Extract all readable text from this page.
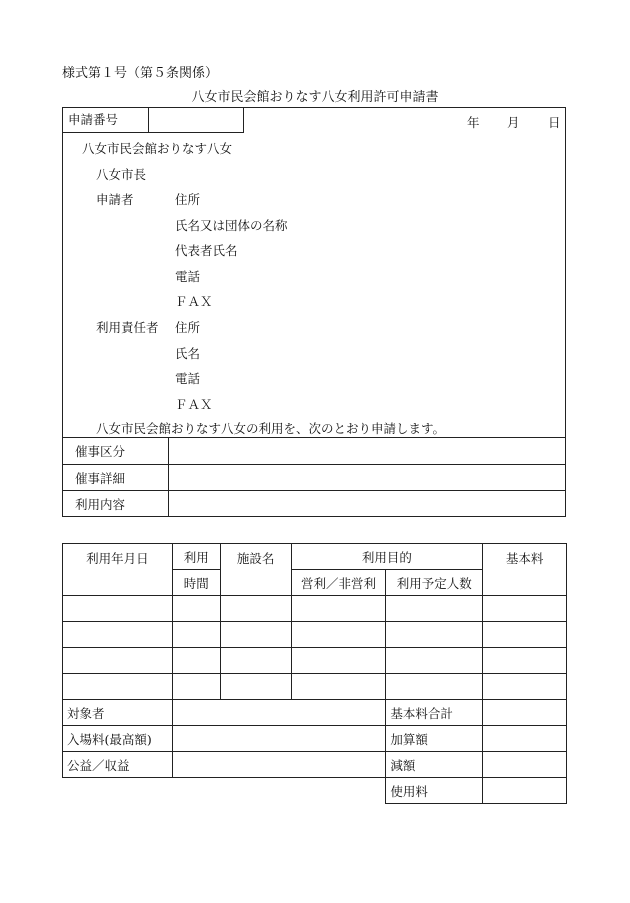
様式第１号（第５条関係）
八女市民会館おりなす八女利用許可申請書
申請番号	年 月 日
八女市民会館おりなす八女
八女市長
申請者	住所
氏名又は団体の名称
代表者氏名
電話
ＦＡＸ
利用責任者 住所
氏名
電話
ＦＡＸ
八女市民会館おりなす八女の利用を、次のとおり申請します。
催事区分	
催事詳細	
利用内容	
利用年月日	利用	施設名	利用目的		基本料
	時間		営利／非営利	利用予定人数	

対象者				基本料合計	
入場料(最高額)				加算額	
公益／収益				減額	
				使用料	
